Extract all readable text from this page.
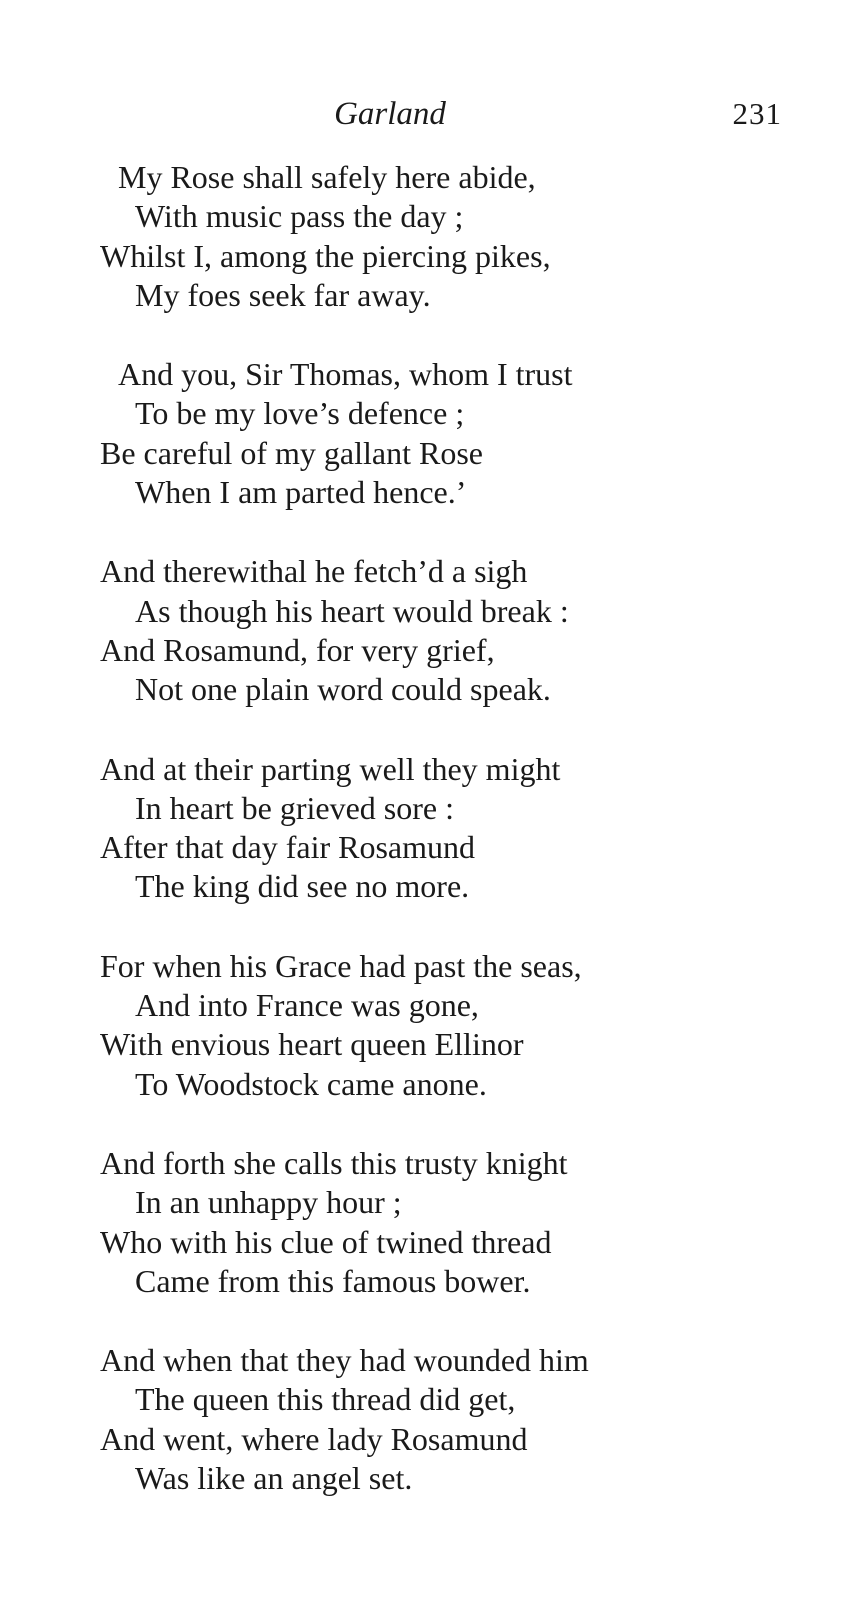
Garland	231
My Rose shall safely here abide,
With music pass the day ;
Whilst I, among the piercing pikes,
My foes seek far away.
And you, Sir Thomas, whom I trust
To be my love’s defence ;
Be careful of my gallant Rose
When I am parted hence.’
And therewithal he fetch’d a sigh
As though his heart would break :
And Rosamund, for very grief,
Not one plain word could speak.
And at their parting well they might
In heart be grieved sore :
After that day fair Rosamund
The king did see no more.
For when his Grace had past the seas,
And into France was gone,
With envious heart queen Ellinor
To Woodstock came anone.
And forth she calls this trusty knight
In an unhappy hour ;
Who with his clue of twined thread
Came from this famous bower.
And when that they had wounded him
The queen this thread did get,
And went, where lady Rosamund
Was like an angel set.
